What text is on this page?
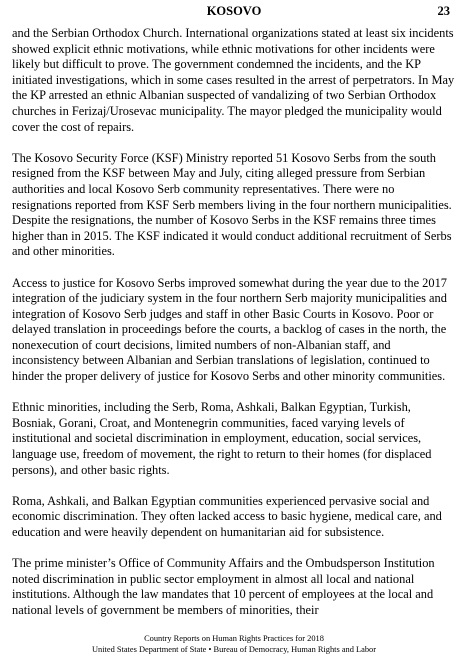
KOSOVO	23

and the Serbian Orthodox Church. International organizations stated at least six incidents showed explicit ethnic motivations, while ethnic motivations for other incidents were likely but difficult to prove. The government condemned the incidents, and the KP initiated investigations, which in some cases resulted in the arrest of perpetrators. In May the KP arrested an ethnic Albanian suspected of vandalizing of two Serbian Orthodox churches in Ferizaj/Urosevac municipality. The mayor pledged the municipality would cover the cost of repairs.

The Kosovo Security Force (KSF) Ministry reported 51 Kosovo Serbs from the south resigned from the KSF between May and July, citing alleged pressure from Serbian authorities and local Kosovo Serb community representatives. There were no resignations reported from KSF Serb members living in the four northern municipalities. Despite the resignations, the number of Kosovo Serbs in the KSF remains three times higher than in 2015. The KSF indicated it would conduct additional recruitment of Serbs and other minorities.

Access to justice for Kosovo Serbs improved somewhat during the year due to the 2017 integration of the judiciary system in the four northern Serb majority municipalities and integration of Kosovo Serb judges and staff in other Basic Courts in Kosovo. Poor or delayed translation in proceedings before the courts, a backlog of cases in the north, the nonexecution of court decisions, limited numbers of non-Albanian staff, and inconsistency between Albanian and Serbian translations of legislation, continued to hinder the proper delivery of justice for Kosovo Serbs and other minority communities.

Ethnic minorities, including the Serb, Roma, Ashkali, Balkan Egyptian, Turkish, Bosniak, Gorani, Croat, and Montenegrin communities, faced varying levels of institutional and societal discrimination in employment, education, social services, language use, freedom of movement, the right to return to their homes (for displaced persons), and other basic rights.

Roma, Ashkali, and Balkan Egyptian communities experienced pervasive social and economic discrimination. They often lacked access to basic hygiene, medical care, and education and were heavily dependent on humanitarian aid for subsistence.

The prime minister’s Office of Community Affairs and the Ombudsperson Institution noted discrimination in public sector employment in almost all local and national institutions. Although the law mandates that 10 percent of employees at the local and national levels of government be members of minorities, their

Country Reports on Human Rights Practices for 2018
United States Department of State • Bureau of Democracy, Human Rights and Labor
